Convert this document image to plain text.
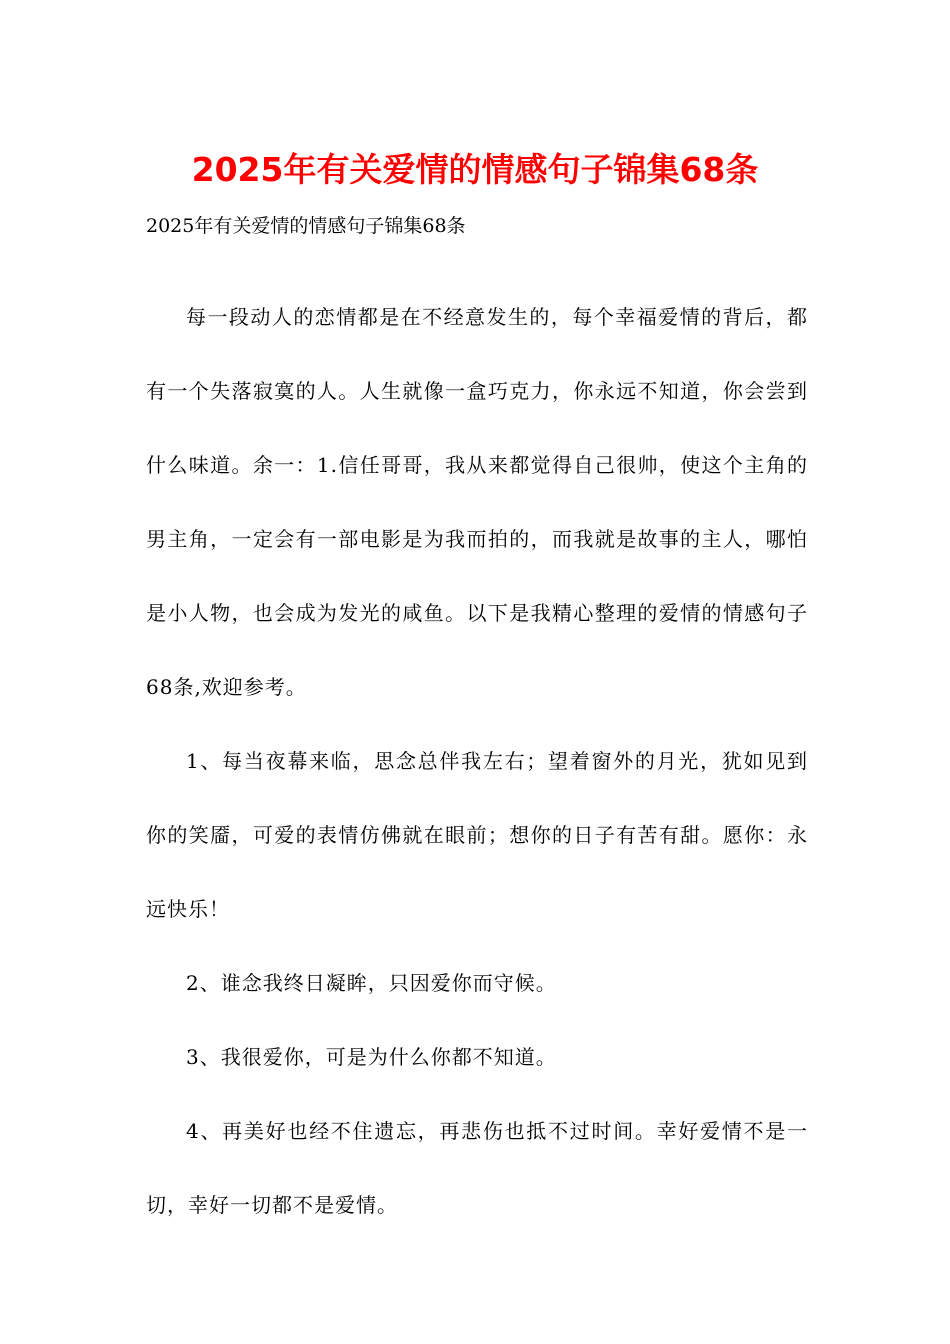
2025年有关爱情的情感句子锦集68条

2025年有关爱情的情感句子锦集68条

每一段动人的恋情都是在不经意发生的，每个幸福爱情的背后，都有一个失落寂寞的人。人生就像一盒巧克力，你永远不知道，你会尝到什么味道。余一：1.信任哥哥，我从来都觉得自己很帅，使这个主角的男主角，一定会有一部电影是为我而拍的，而我就是故事的主人，哪怕是小人物，也会成为发光的咸鱼。以下是我精心整理的爱情的情感句子68条,欢迎参考。

1、每当夜幕来临，思念总伴我左右；望着窗外的月光，犹如见到你的笑靥，可爱的表情仿佛就在眼前；想你的日子有苦有甜。愿你：永远快乐！

2、谁念我终日凝眸，只因爱你而守候。

3、我很爱你，可是为什么你都不知道。

4、再美好也经不住遗忘，再悲伤也抵不过时间。幸好爱情不是一切，幸好一切都不是爱情。
